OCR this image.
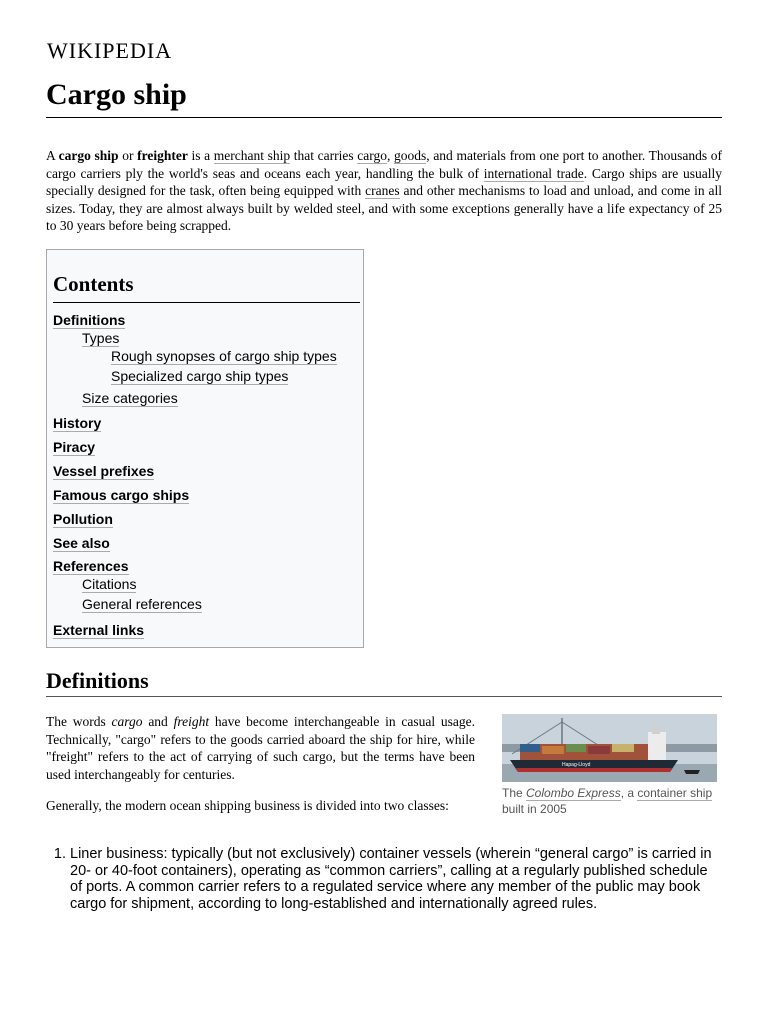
WIKIPEDIA
Cargo ship

A cargo ship or freighter is a merchant ship that carries cargo, goods, and materials from one port to another. Thousands of cargo carriers ply the world's seas and oceans each year, handling the bulk of international trade. Cargo ships are usually specially designed for the task, often being equipped with cranes and other mechanisms to load and unload, and come in all sizes. Today, they are almost always built by welded steel, and with some exceptions generally have a life expectancy of 25 to 30 years before being scrapped.

Contents
Definitions
Types
Rough synopses of cargo ship types
Specialized cargo ship types
Size categories
History
Piracy
Vessel prefixes
Famous cargo ships
Pollution
See also
References
Citations
General references
External links
Definitions

The words cargo and freight have become interchangeable in casual usage. Technically, "cargo" refers to the goods carried aboard the ship for hire, while "freight" refers to the act of carrying of such cargo, but the terms have been used interchangeably for centuries.

Generally, the modern ocean shipping business is divided into two classes:

Hapag-Lloyd
The Colombo Express, a container ship built in 2005
1. Liner business: typically (but not exclusively) container vessels (wherein “general cargo” is carried in 20- or 40-foot containers), operating as “common carriers”, calling at a regularly published schedule of ports. A common carrier refers to a regulated service where any member of the public may book cargo for shipment, according to long-established and internationally agreed rules.
